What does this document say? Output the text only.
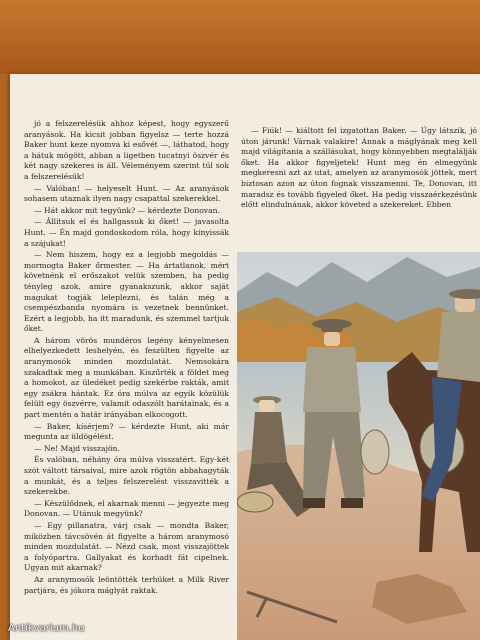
jó a felszerelésük ahhoz képest, hogy egyszerű aranyások. Ha kicsit jobban figyelsz — terte hozzá Baker hunt keze nyomva ki esővét —, láthatod, hogy a hátuk mögött, abban a ligetben tucatnyi öszvér és két nagy szekeres is áll. Véleményem szerint túl sok a felszerelésük!

— Valóban! — helyeselt Hunt. — Az aranyások sohasem utaznak ilyen nagy csapattal szekerekkel.

— Hát akkor mit tegyünk? — kérdezte Donovan.

— Állítsuk el és hallgassuk ki őket! — javasolta Hunt. — Én majd gondoskodom róla, hogy kinyissák a szájukat!

— Nem hiszem, hogy ez a legjobb megoldás — mormogta Baker őrmester. — Ha ártatlanok, mért követnénk el erőszakot velük szemben, ha pedig tényleg azok, amire gyanakszunk, akkor saját magukat togják leleplezni, és talán még a csempészbanda nyomára is vezetnek bennünket. Ezért a legjobb, ha itt maradunk, és szemmel tartjuk őket.

A három vörös mundéros legény kényelmesen elhelyezkedett leshelyén, és feszülten figyelte az aranymosók minden mozdulatát. Nemsokára szakadtak meg a munkában. Kiszűrték a földet meg a homokot, az üledéket pedig szekérbe rakták, amit egy zsákra hántak. Ez óra múlva az egyik közülük felült egy öszvérre, valamit odaszólt barátainak, és a part mentén a határ irányában elkocogott.

— Baker, kísérjem? — kérdezte Hunt, aki már megunta az üldögélést.

— Ne! Majd visszajön.

És valóban, néhány óra múlva visszatért. Egy-két szót váltott társaival, mire azok rögtön abbahagyták a munkát, és a teljes felszerelést visszavitték a szekerekbe.

— Készülődnek, el akarnak menni — jegyezte meg Donovan. — Utánuk megyünk?

— Egy pillanatra, várj csak — mondta Baker, miközben távcsövén át figyelte a három aranymosó minden mozdulatát. — Nézd csak, most visszajöttek a folyópartra. Gallyakat és korhadt fát cipelnek. Ugyan mit akarnak?

Az aranymosók leöntötték terhüket a Milk River partjára, és jókora máglyát raktak.

— Fiúk! — kiáltott fel izgatottan Baker. — Úgy látszik, jó úton járunk! Várnak valakire! Annak a máglyának meg kell majd világítania a szállásukat, hogy könnyebben megtalálják őket. Ha akkor figyeljetek! Hunt meg én elmegyünk megkeresni azt az utat, amelyen az aranymosók jöttek, mert biztosan azon az úton fognak visszamenni. Te, Donovan, itt maradsz és tovább figyeled őket. Ha pedig visszaérkezésünk előtt elindulnának, akkor követed a szekereket. Ebben

Antikvarium.hu
